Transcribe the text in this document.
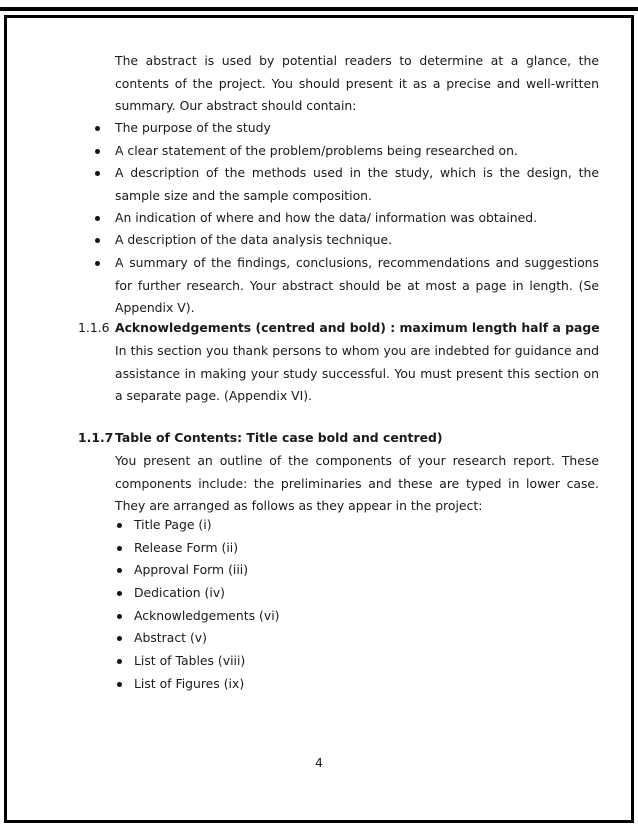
The abstract is used by potential readers to determine at a glance, the contents of the project. You should present it as a precise and well-written summary. Our abstract should contain:

The purpose of the study
A clear statement of the problem/problems being researched on.
A description of the methods used in the study, which is the design, the sample size and the sample composition.
An indication of where and how the data/ information was obtained.
A description of the data analysis technique.
A summary of the findings, conclusions, recommendations and suggestions for further research. Your abstract should be at most a page in length. (Se Appendix V).
1.1.6 Acknowledgements (centred and bold) : maximum length half a page

In this section you thank persons to whom you are indebted for guidance and assistance in making your study successful. You must present this section on a separate page. (Appendix VI).

1.1.7 Table of Contents: Title case bold and centred)

You present an outline of the components of your research report. These components include: the preliminaries and these are typed in lower case. They are arranged as follows as they appear in the project:

Title Page (i)
Release Form (ii)
Approval Form (iii)
Dedication (iv)
Acknowledgements (vi)
Abstract (v)
List of Tables (viii)
List of Figures (ix)
4
